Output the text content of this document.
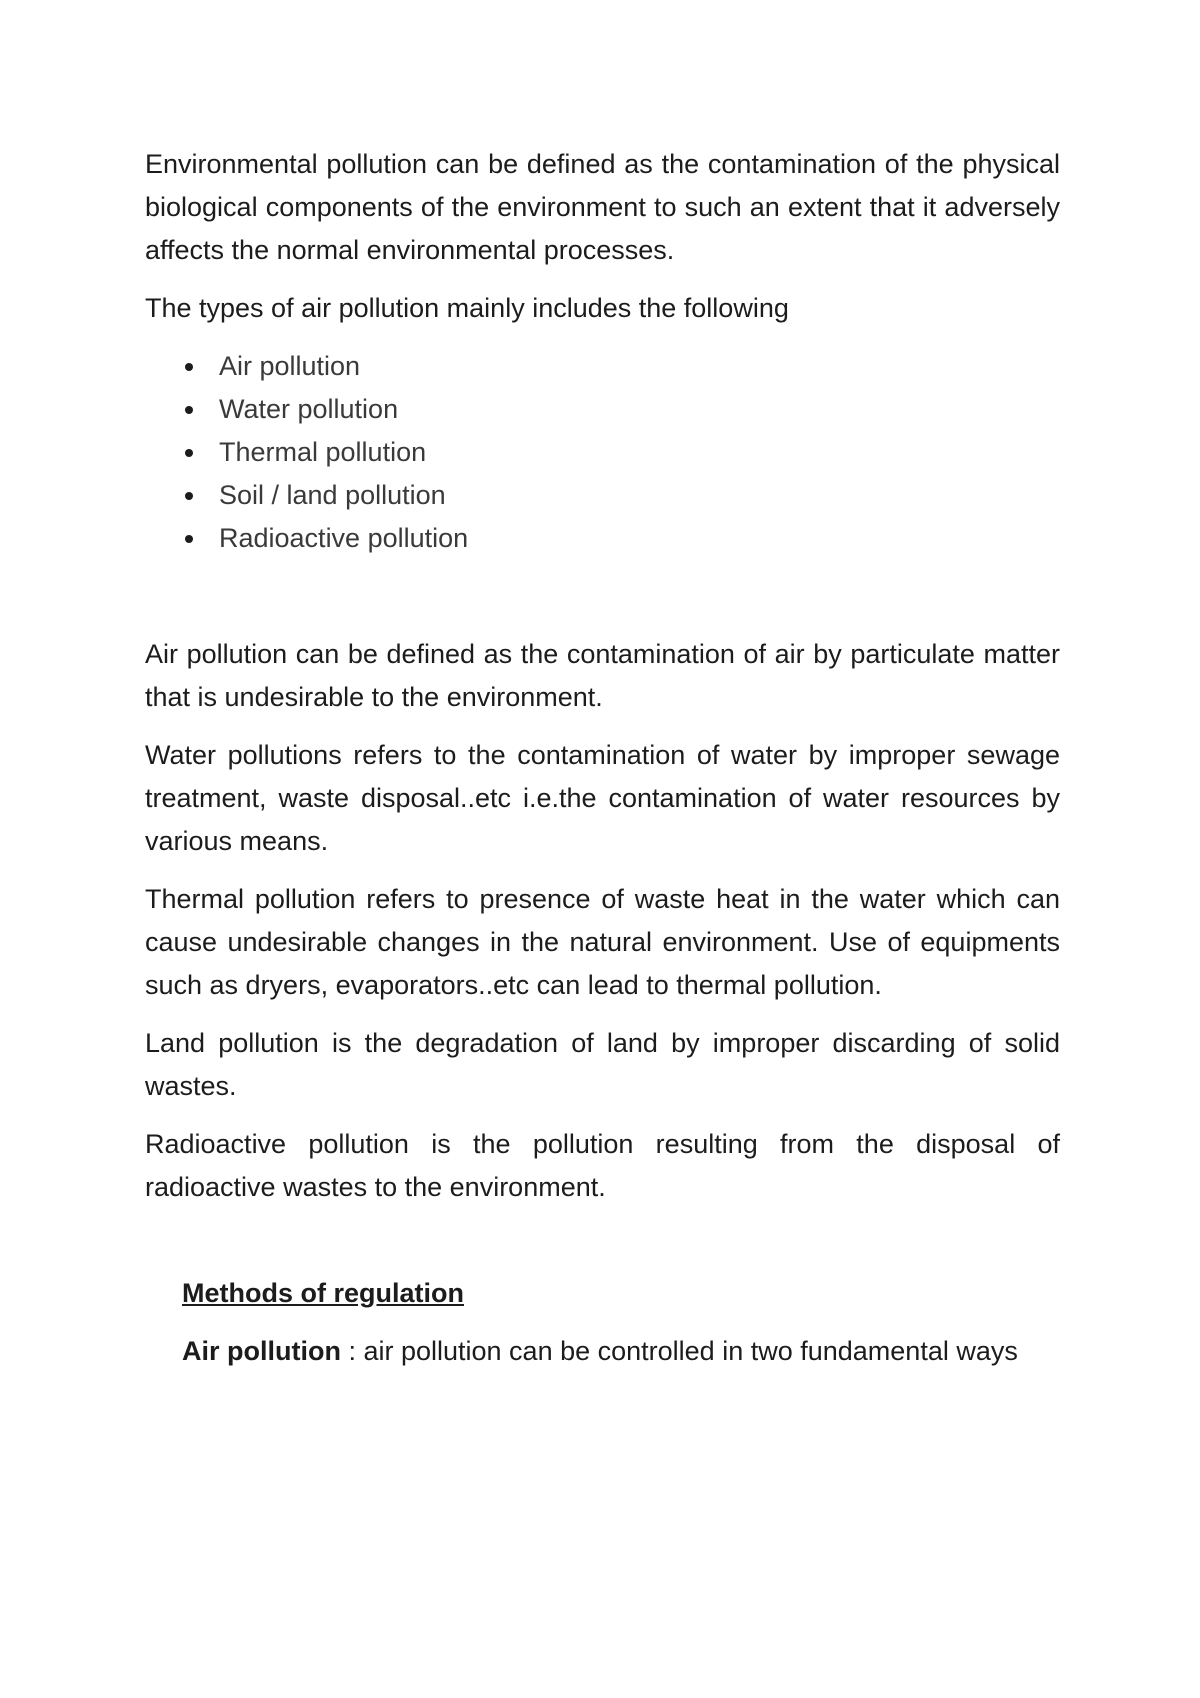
Environmental pollution can be defined as the contamination of the physical biological components of the environment to such an extent that it adversely affects the normal environmental processes.

The types of air pollution mainly includes the following

Air pollution
Water pollution
Thermal pollution
Soil / land pollution
Radioactive pollution

Air pollution can be defined as the contamination of air by particulate matter that is undesirable to the environment.

Water pollutions refers to the contamination of water by improper sewage treatment, waste disposal..etc i.e.the contamination of water resources by various means.

Thermal pollution refers to presence of waste heat in the water which can cause undesirable changes in the natural environment. Use of equipments such as dryers, evaporators..etc can lead to thermal pollution.

Land pollution is the degradation of land by improper discarding of solid wastes.

Radioactive pollution is the pollution resulting from the disposal of radioactive wastes to the environment.

Methods of regulation

Air pollution : air pollution can be controlled in two fundamental ways
